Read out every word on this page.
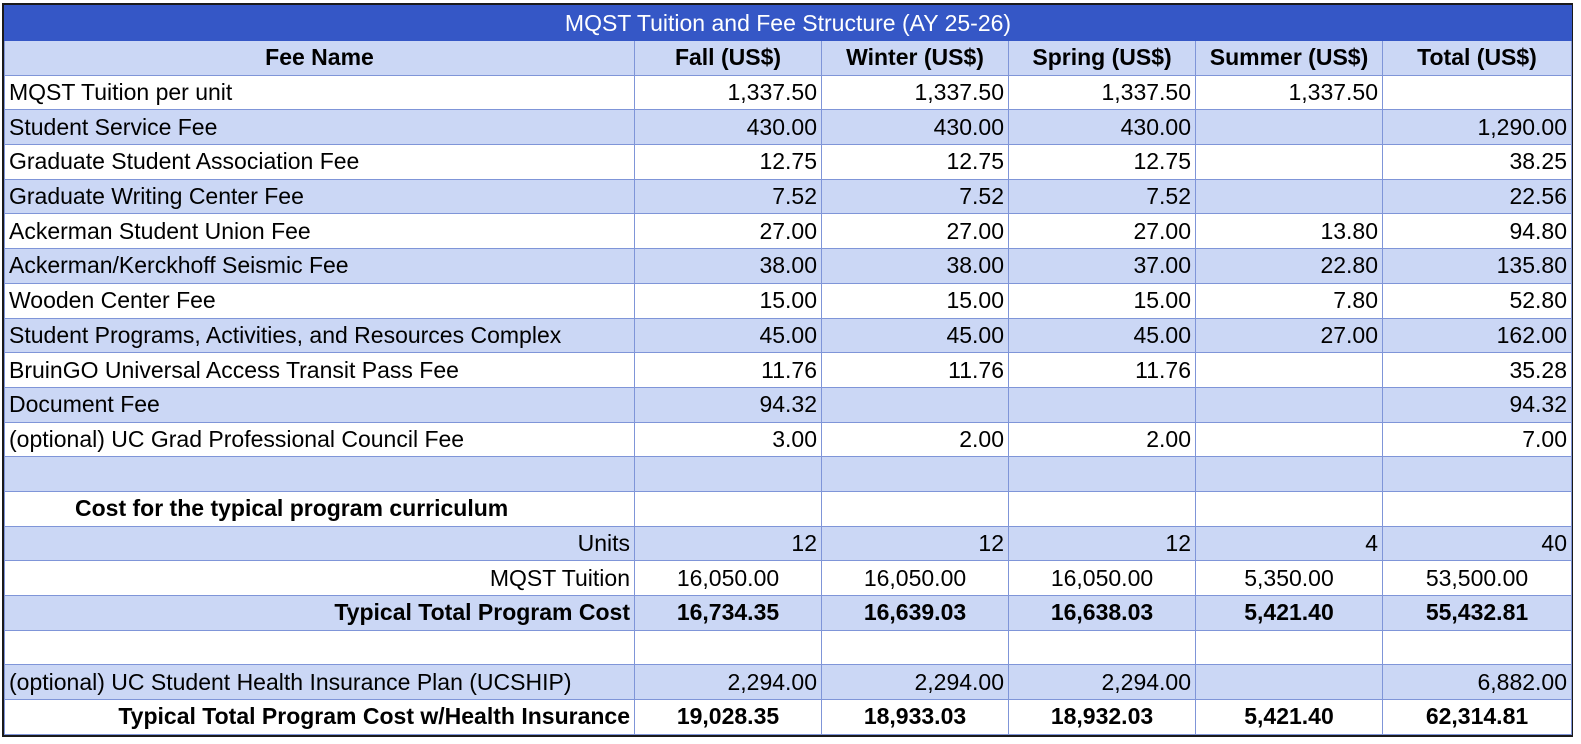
MQST Tuition and Fee Structure (AY 25-26)					
Fee Name	Fall (US$)	Winter (US$)	Spring (US$)	Summer (US$)	Total (US$)
MQST Tuition per unit	1,337.50	1,337.50	1,337.50	1,337.50	
Student Service Fee	430.00	430.00	430.00		1,290.00
Graduate Student Association Fee	12.75	12.75	12.75		38.25
Graduate Writing Center Fee	7.52	7.52	7.52		22.56
Ackerman Student Union Fee	27.00	27.00	27.00	13.80	94.80
Ackerman/Kerckhoff Seismic Fee	38.00	38.00	37.00	22.80	135.80
Wooden Center Fee	15.00	15.00	15.00	7.80	52.80
Student Programs, Activities, and Resources Complex	45.00	45.00	45.00	27.00	162.00
BruinGO Universal Access Transit Pass Fee	11.76	11.76	11.76		35.28
Document Fee	94.32				94.32
(optional) UC Grad Professional Council Fee	3.00	2.00	2.00		7.00

Cost for the typical program curriculum					
Units	12	12	12	4	40
MQST Tuition	16,050.00	16,050.00	16,050.00	5,350.00	53,500.00
Typical Total Program Cost	16,734.35	16,639.03	16,638.03	5,421.40	55,432.81

(optional) UC Student Health Insurance Plan (UCSHIP)	2,294.00	2,294.00	2,294.00		6,882.00
Typical Total Program Cost w/Health Insurance	19,028.35	18,933.03	18,932.03	5,421.40	62,314.81
